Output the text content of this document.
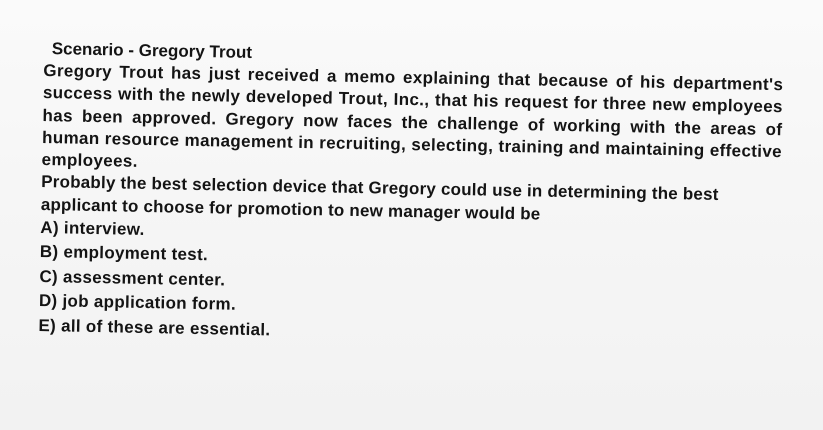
Scenario - Gregory Trout

Gregory Trout has just received a memo explaining that because of his department's success with the newly developed Trout, Inc., that his request for three new employees has been approved. Gregory now faces the challenge of working with the areas of human resource management in recruiting, selecting, training and maintaining effective employees.

Probably the best selection device that Gregory could use in determining the best applicant to choose for promotion to new manager would be

A) interview.
B) employment test.
C) assessment center.
D) job application form.
E) all of these are essential.
